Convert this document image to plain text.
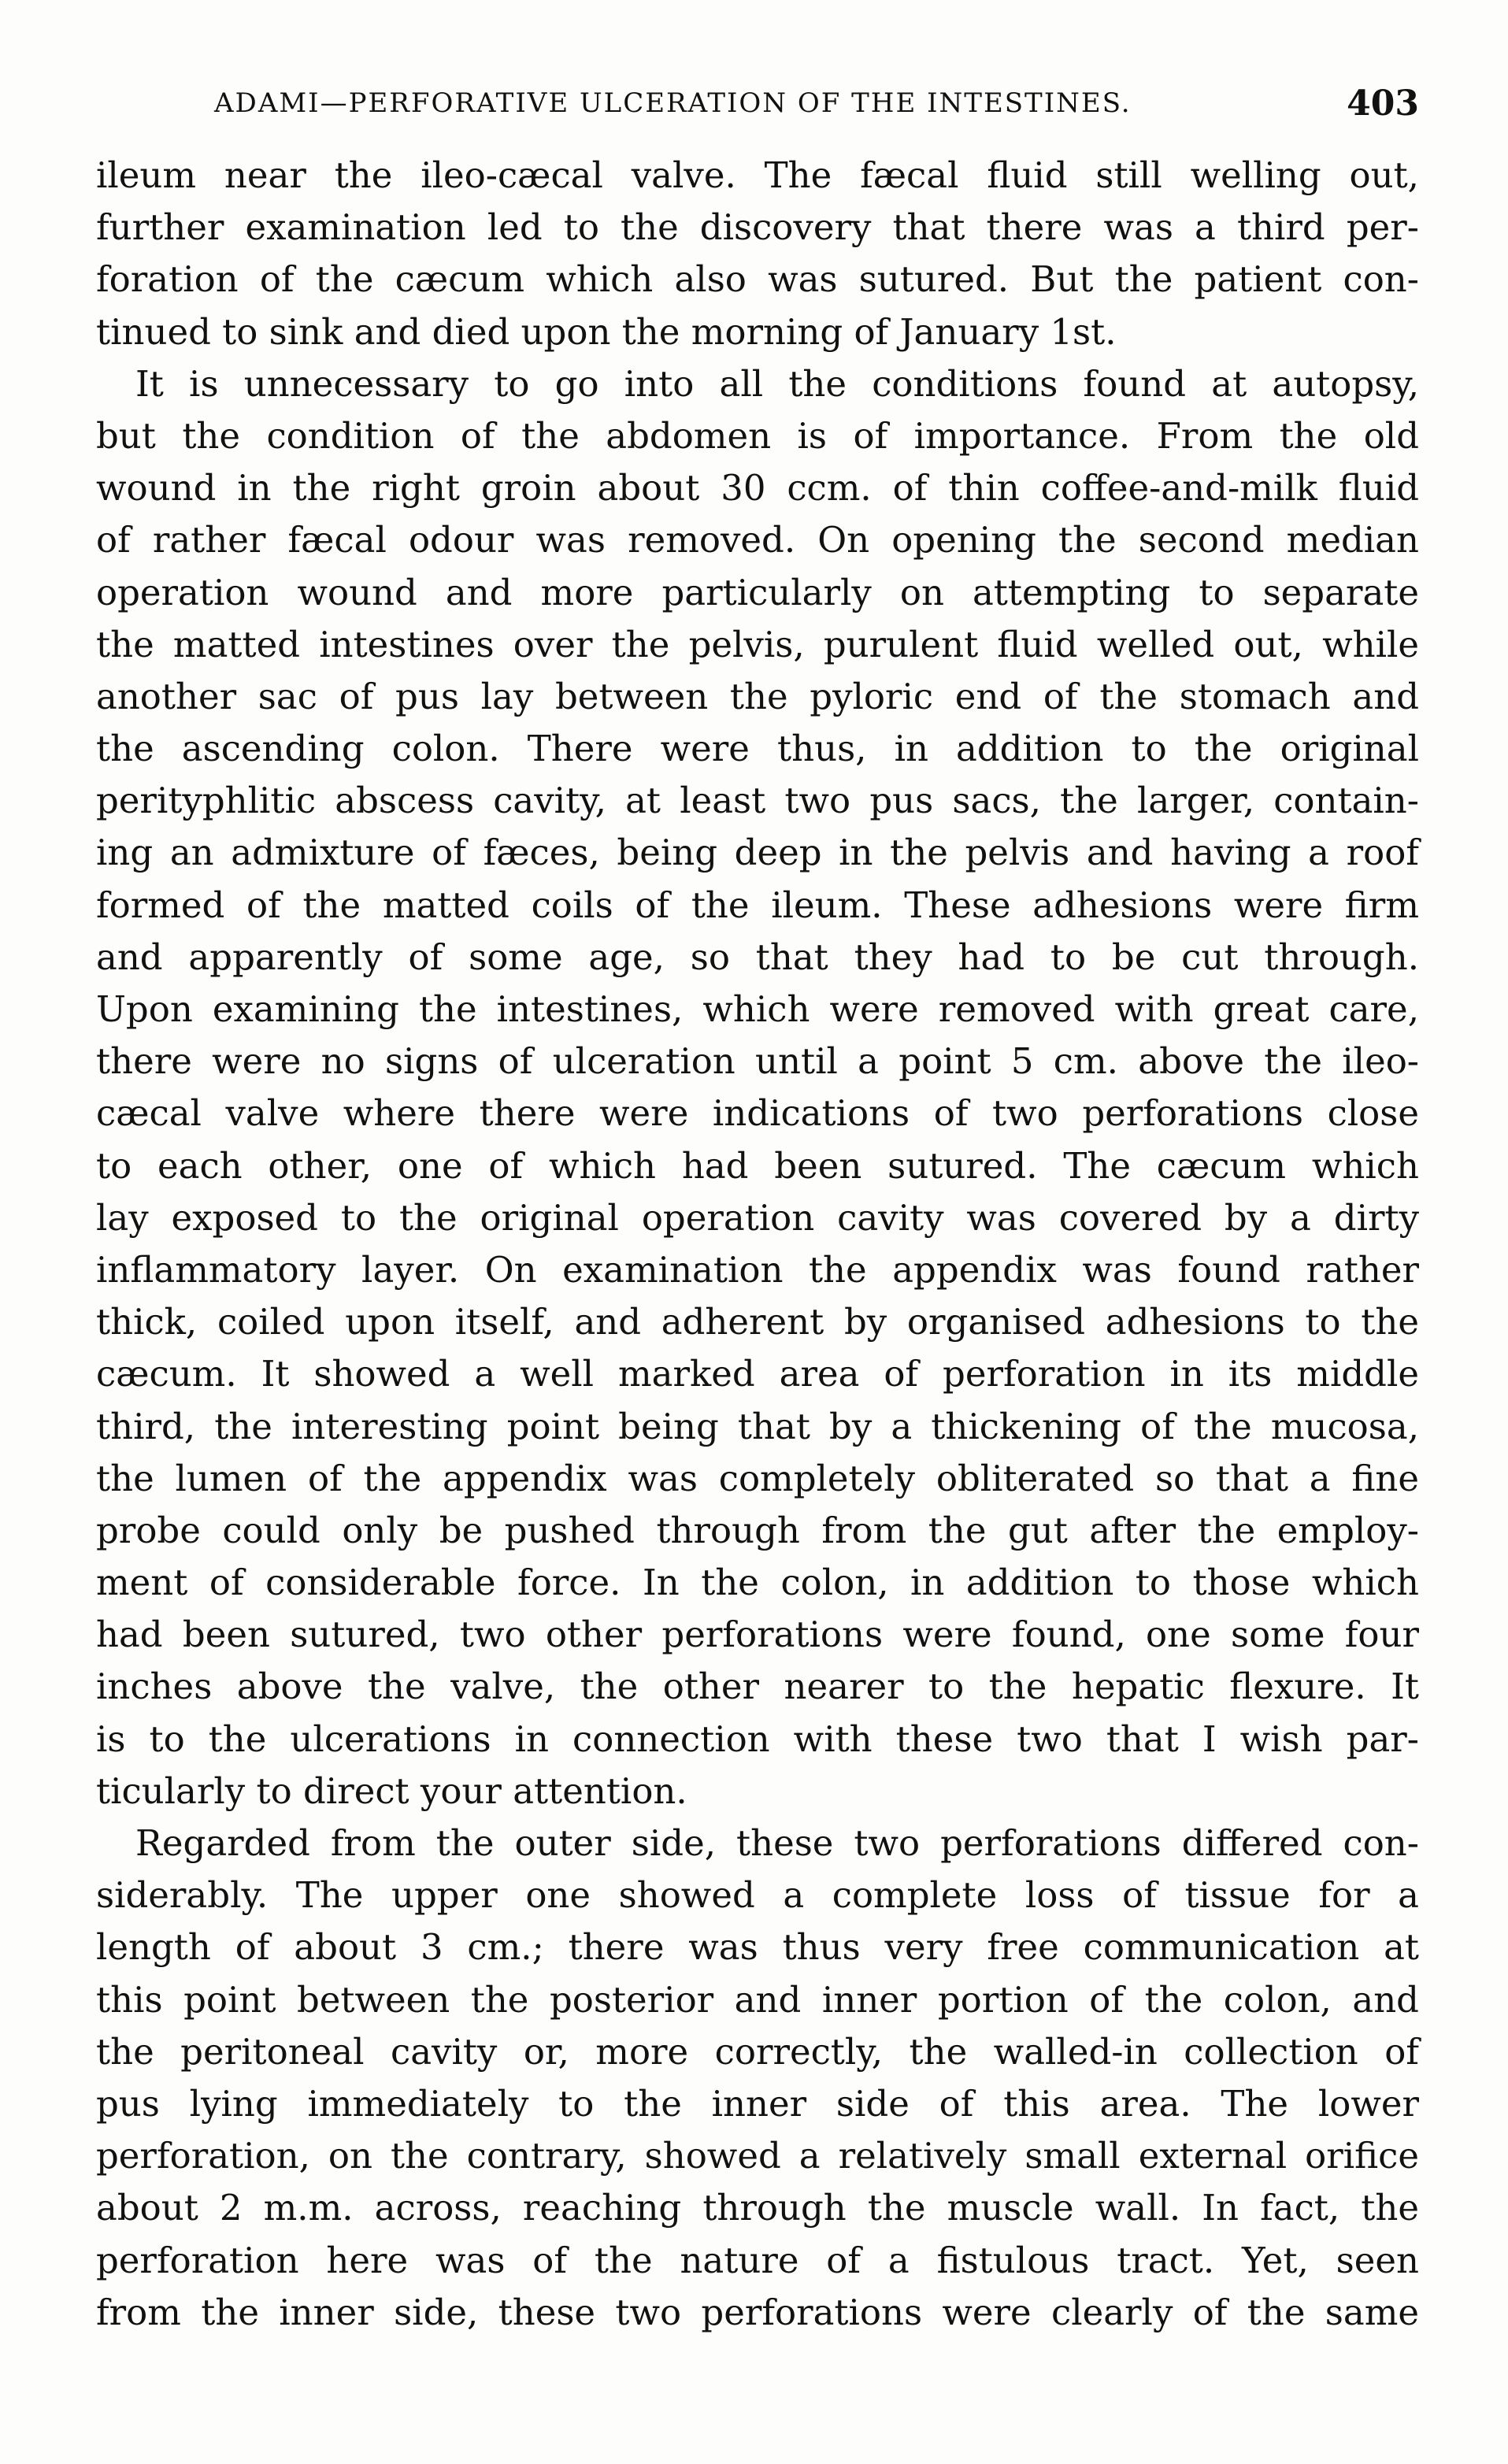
ADAMI—PERFORATIVE ULCERATION OF THE INTESTINES.	403
ileum near the ileo-cæcal valve. The fæcal fluid still welling out,
further examination led to the discovery that there was a third per-
foration of the cæcum which also was sutured. But the patient con-
tinued to sink and died upon the morning of January 1st.
It is unnecessary to go into all the conditions found at autopsy,
but the condition of the abdomen is of importance. From the old
wound in the right groin about 30 ccm. of thin coffee-and-milk fluid
of rather fæcal odour was removed. On opening the second median
operation wound and more particularly on attempting to separate
the matted intestines over the pelvis, purulent fluid welled out, while
another sac of pus lay between the pyloric end of the stomach and
the ascending colon. There were thus, in addition to the original
perityphlitic abscess cavity, at least two pus sacs, the larger, contain-
ing an admixture of fæces, being deep in the pelvis and having a roof
formed of the matted coils of the ileum. These adhesions were firm
and apparently of some age, so that they had to be cut through.
Upon examining the intestines, which were removed with great care,
there were no signs of ulceration until a point 5 cm. above the ileo-
cæcal valve where there were indications of two perforations close
to each other, one of which had been sutured. The cæcum which
lay exposed to the original operation cavity was covered by a dirty
inflammatory layer. On examination the appendix was found rather
thick, coiled upon itself, and adherent by organised adhesions to the
cæcum. It showed a well marked area of perforation in its middle
third, the interesting point being that by a thickening of the mucosa,
the lumen of the appendix was completely obliterated so that a fine
probe could only be pushed through from the gut after the employ-
ment of considerable force. In the colon, in addition to those which
had been sutured, two other perforations were found, one some four
inches above the valve, the other nearer to the hepatic flexure. It
is to the ulcerations in connection with these two that I wish par-
ticularly to direct your attention.
Regarded from the outer side, these two perforations differed con-
siderably. The upper one showed a complete loss of tissue for a
length of about 3 cm.; there was thus very free communication at
this point between the posterior and inner portion of the colon, and
the peritoneal cavity or, more correctly, the walled-in collection of
pus lying immediately to the inner side of this area. The lower
perforation, on the contrary, showed a relatively small external orifice
about 2 m.m. across, reaching through the muscle wall. In fact, the
perforation here was of the nature of a fistulous tract. Yet, seen
from the inner side, these two perforations were clearly of the same
